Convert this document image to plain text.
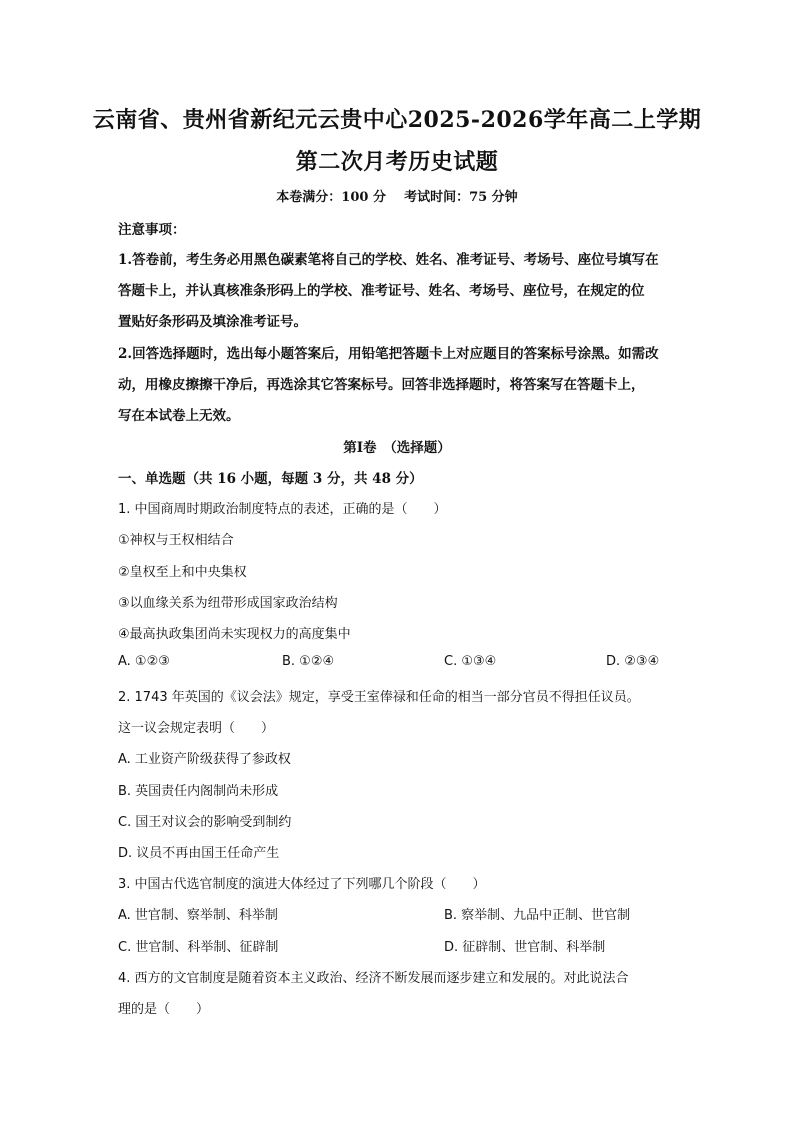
云南省、贵州省新纪元云贵中心2025-2026学年高二上学期
第二次月考历史试题
本卷满分：100 分    考试时间：75 分钟
注意事项：
1.答卷前，考生务必用黑色碳素笔将自己的学校、姓名、准考证号、考场号、座位号填写在
答题卡上，并认真核准条形码上的学校、准考证号、姓名、考场号、座位号，在规定的位
置贴好条形码及填涂准考证号。
2.回答选择题时，选出每小题答案后，用铅笔把答题卡上对应题目的答案标号涂黑。如需改
动，用橡皮擦擦干净后，再选涂其它答案标号。回答非选择题时，将答案写在答题卡上，
写在本试卷上无效。
第Ⅰ卷　（选择题）
一、单选题（共 16 小题，每题 3 分，共 48 分）
1. 中国商周时期政治制度特点的表述，正确的是（　　）
①神权与王权相结合
②皇权至上和中央集权
③以血缘关系为纽带形成国家政治结构
④最高执政集团尚未实现权力的高度集中
A. ①②③	B. ①②④	C. ①③④	D. ②③④
2. 1743 年英国的《议会法》规定，享受王室俸禄和任命的相当一部分官员不得担任议员。
这一议会规定表明（　　）
A. 工业资产阶级获得了参政权
B. 英国责任内阁制尚未形成
C. 国王对议会的影响受到制约
D. 议员不再由国王任命产生
3. 中国古代选官制度的演进大体经过了下列哪几个阶段（　　）
A. 世官制、察举制、科举制	B. 察举制、九品中正制、世官制
C. 世官制、科举制、征辟制	D. 征辟制、世官制、科举制
4. 西方的文官制度是随着资本主义政治、经济不断发展而逐步建立和发展的。对此说法合
理的是（　　）
